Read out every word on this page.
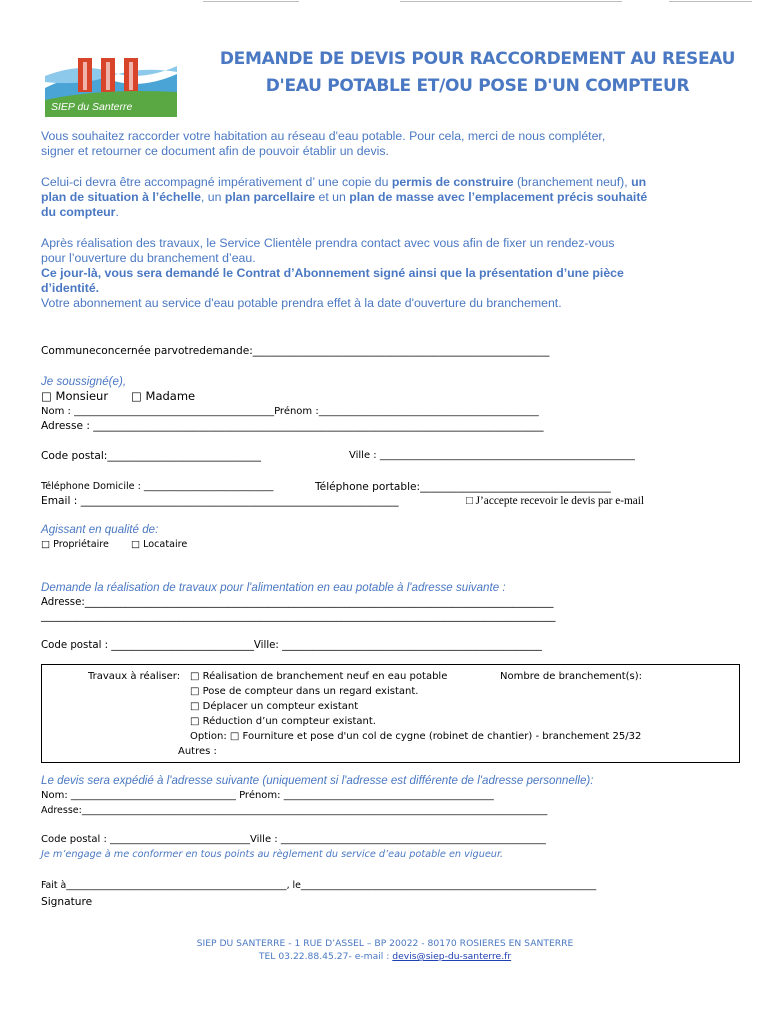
SIEP du Santerre
DEMANDE DE DEVIS POUR RACCORDEMENT AU RESEAU
D'EAU POTABLE ET/OU POSE D'UN COMPTEUR
Vous souhaitez raccorder votre habitation au réseau d'eau potable. Pour cela, merci de nous compléter,
signer et retourner ce document afin de pouvoir établir un devis.
Celui-ci devra être accompagné impérativement d’ une copie du permis de construire (branchement neuf), un
plan de situation à l’échelle, un plan parcellaire et un plan de masse avec l’emplacement précis souhaité
du compteur.
Après réalisation des travaux, le Service Clientèle prendra contact avec vous afin de fixer un rendez-vous
pour l’ouverture du branchement d’eau.
Ce jour-là, vous sera demandé le Contrat d’Abonnement signé ainsi que la présentation d’une pièce
d’identité.
Votre abonnement au service d'eau potable prendra effet à la date d'ouverture du branchement.
Communeconcernée parvotredemande:________________________________________________________
Je soussigné(e),
□ Monsieur □ Madame
Nom : ________________________________________Prénom :____________________________________________
Adresse : _____________________________________________________________________________________
Code postal:_____________________________	Ville : ___________________________________________________
Téléphone Domicile : ___________________________	Téléphone portable:____________________________________
Email : ____________________________________________________________	□ J’accepte recevoir le devis par e-mail
Agissant en qualité de:
□ Propriétaire □ Locataire
Demande la réalisation de travaux pour l'alimentation en eau potable à l'adresse suivante :
Adresse:____________________________________________________________________________________________
_____________________________________________________________________________________________________
Code postal : ____________________________Ville: ___________________________________________________
Travaux à réaliser: □ Réalisation de branchement neuf en eau potable	Nombre de branchement(s):
□ Pose de compteur dans un regard existant.
□ Déplacer un compteur existant
□ Réduction d’un compteur existant.
Option: □ Fourniture et pose d'un col de cygne (robinet de chantier) - branchement 25/32
Autres :
Le devis sera expédié à l'adresse suivante (uniquement si l'adresse est différente de l'adresse personnelle):
Nom: _________________________________ Prénom: __________________________________________
Adresse:__________________________________________________________________________________________________
Code postal : ____________________________Ville : _____________________________________________________
Je m’engage à me conformer en tous points au règlement du service d’eau potable en vigueur.
Fait à_______________________________________________, le_______________________________________________________________
Signature
SIEP DU SANTERRE - 1 RUE D’ASSEL – BP 20022 - 80170 ROSIERES EN SANTERRE
TEL 03.22.88.45.27- e-mail : devis@siep-du-santerre.fr
